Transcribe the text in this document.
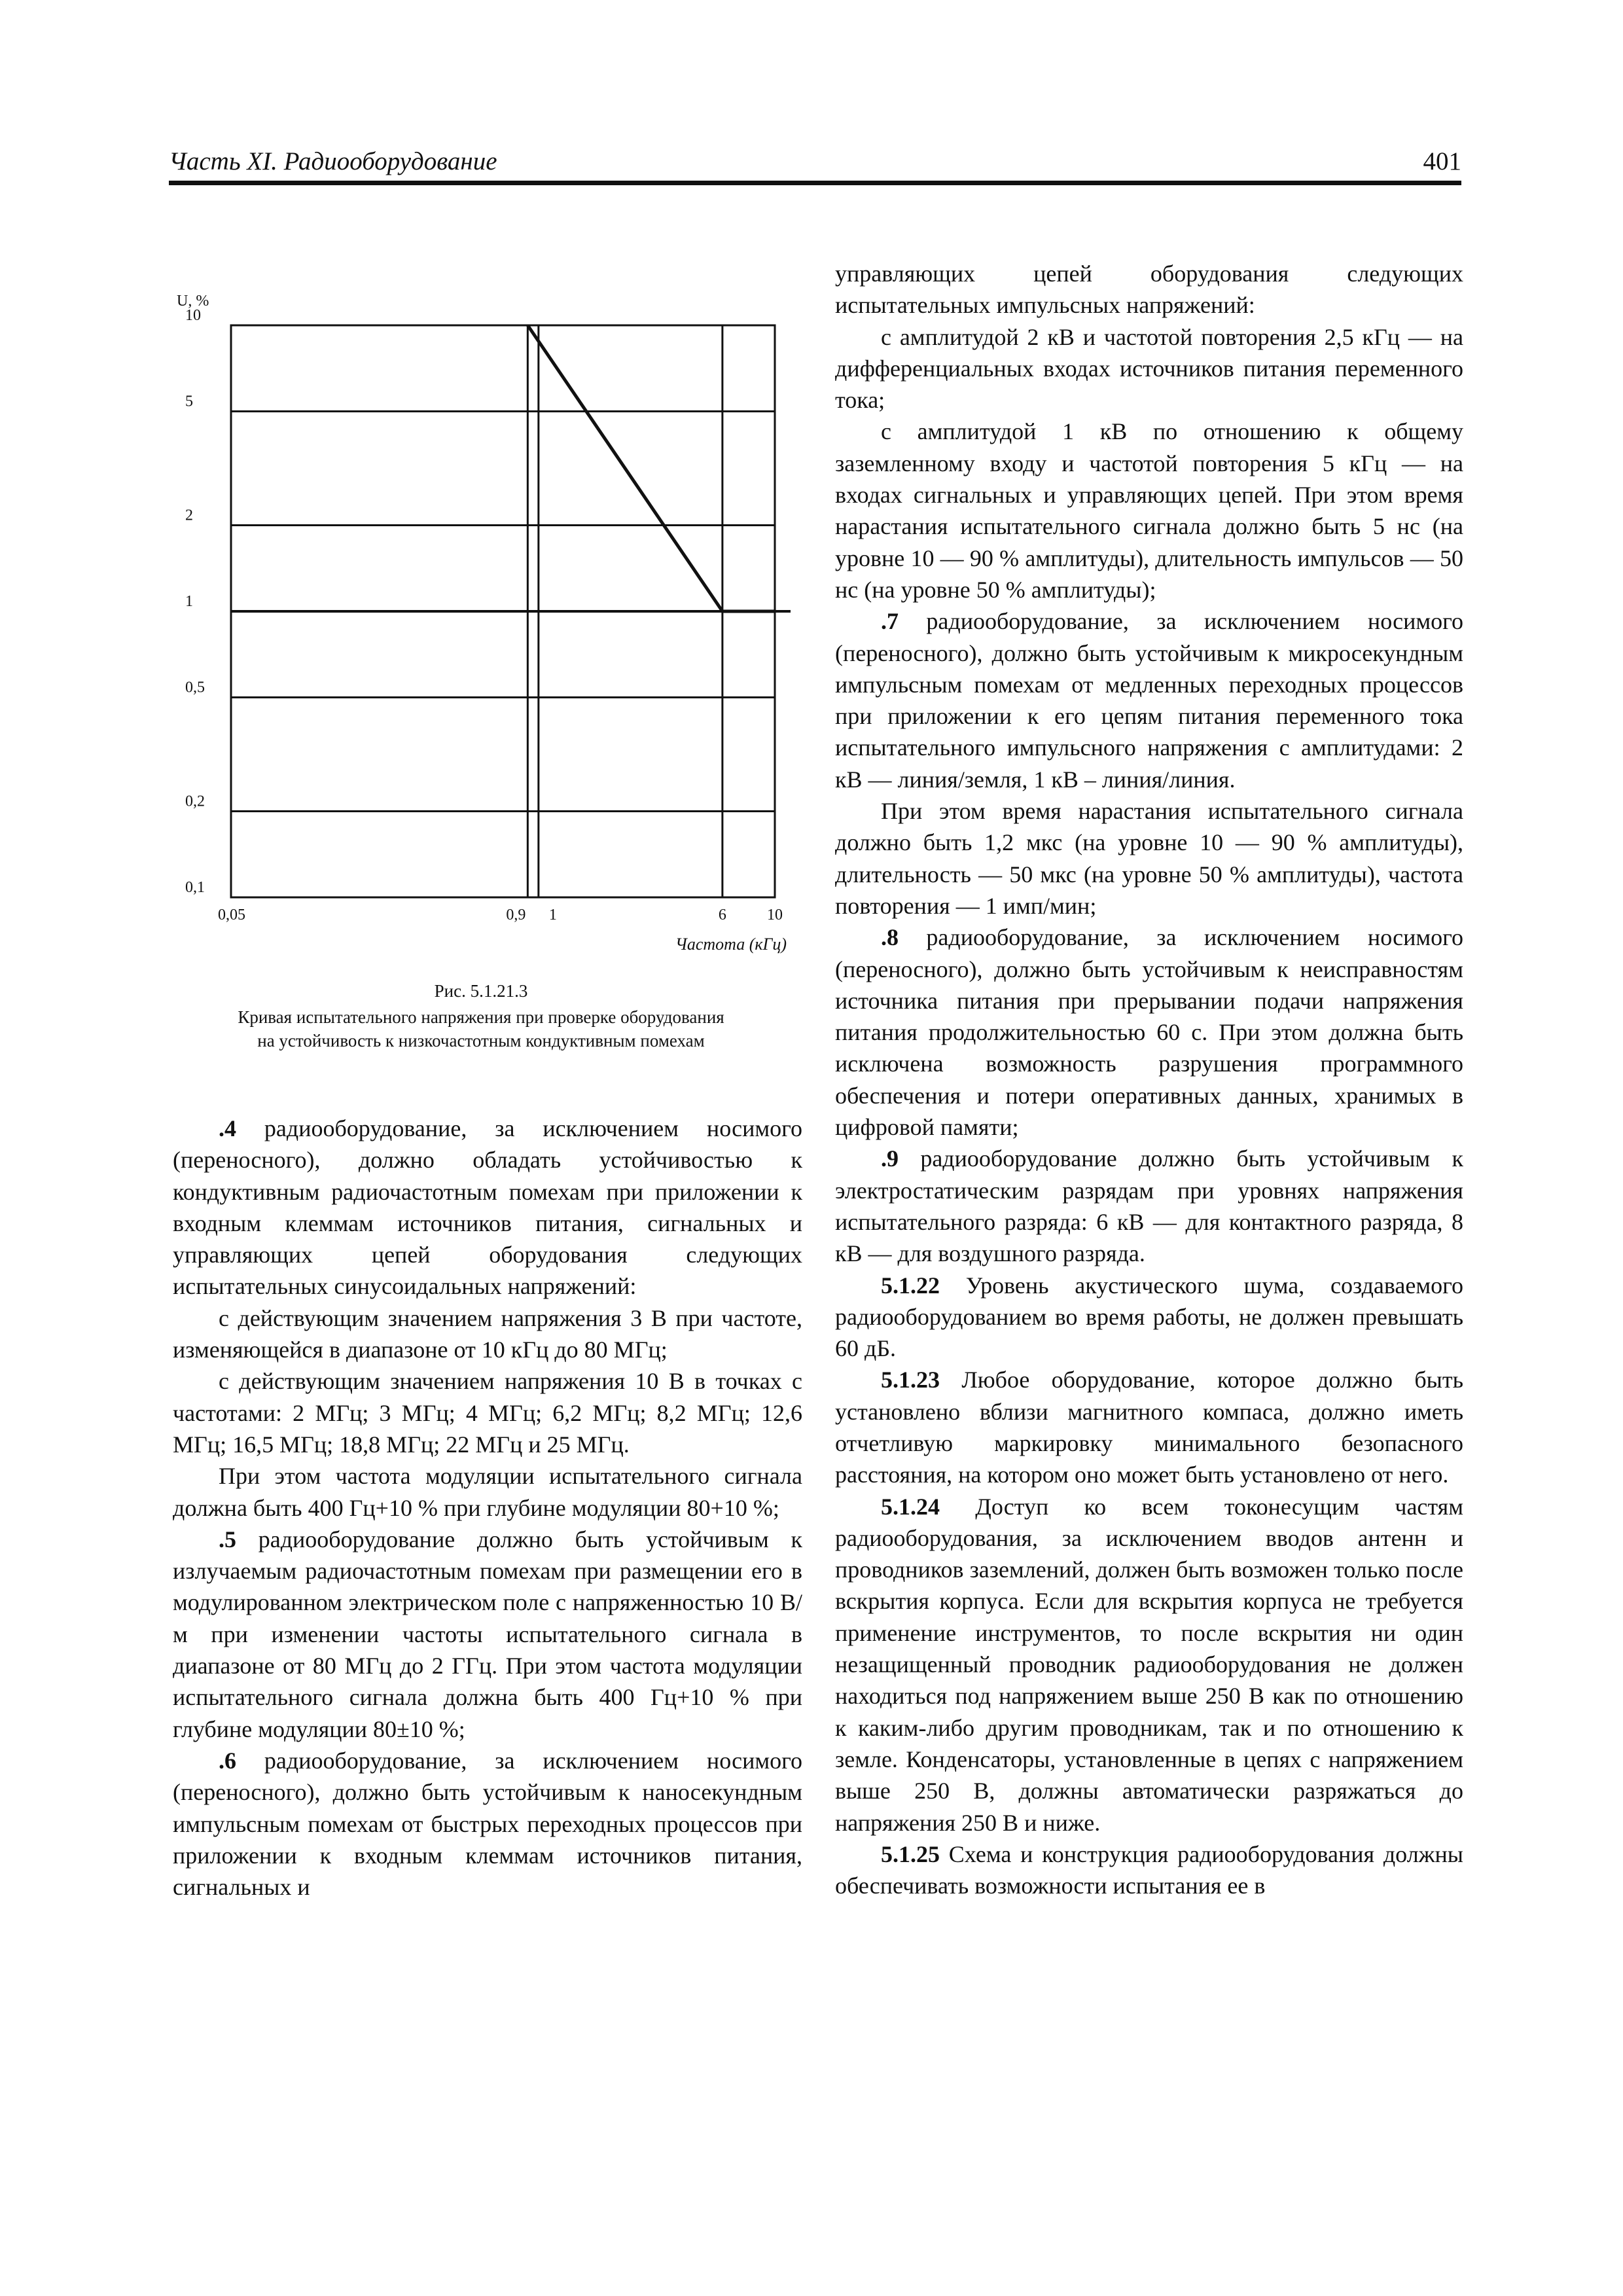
Часть XI. Радиооборудование	401
10
5
2
1
0,5
0,2
0,1
0,05	0,9 1	6	10
U, %
Частота (кГц)
Рис. 5.1.21.3
Кривая испытательного напряжения при проверке оборудования
на устойчивость к низкочастотным кондуктивным помехам

.4 радиооборудование, за исключением носимого (переносного), должно обладать устойчивостью к кондуктивным радиочастотным помехам при приложении к входным клеммам источников питания, сигнальных и управляющих цепей оборудования следующих испытательных синусоидальных напряжений:

с действующим значением напряжения 3 В при частоте, изменяющейся в диапазоне от 10 кГц до 80 МГц;

с действующим значением напряжения 10 В в точках с частотами: 2 МГц; 3 МГц; 4 МГц; 6,2 МГц; 8,2 МГц; 12,6 МГц; 16,5 МГц; 18,8 МГц; 22 МГц и 25 МГц.

При этом частота модуляции испытательного сигнала должна быть 400 Гц+10 % при глубине модуляции 80+10 %;

.5 радиооборудование должно быть устойчивым к излучаемым радиочастотным помехам при размещении его в модулированном электрическом поле с напряженностью 10 В/м при изменении частоты испытательного сигнала в диапазоне от 80 МГц до 2 ГГц. При этом частота модуляции испытательного сигнала должна быть 400 Гц+10 % при глубине модуляции 80±10 %;

.6 радиооборудование, за исключением носимого (переносного), должно быть устойчивым к наносекундным импульсным помехам от быстрых переходных процессов при приложении к входным клеммам источников питания, сигнальных и

управляющих цепей оборудования следующих испытательных импульсных напряжений:

с амплитудой 2 кВ и частотой повторения 2,5 кГц — на дифференциальных входах источников питания переменного тока;

с амплитудой 1 кВ по отношению к общему заземленному входу и частотой повторения 5 кГц — на входах сигнальных и управляющих цепей. При этом время нарастания испытательного сигнала должно быть 5 нс (на уровне 10 — 90 % амплитуды), длительность импульсов — 50 нс (на уровне 50 % амплитуды);

.7 радиооборудование, за исключением носимого (переносного), должно быть устойчивым к микросекундным импульсным помехам от медленных переходных процессов при приложении к его цепям питания переменного тока испытательного импульсного напряжения с амплитудами: 2 кВ — линия/земля, 1 кВ – линия/линия.

При этом время нарастания испытательного сигнала должно быть 1,2 мкс (на уровне 10 — 90 % амплитуды), длительность — 50 мкс (на уровне 50 % амплитуды), частота повторения — 1 имп/мин;

.8 радиооборудование, за исключением носимого (переносного), должно быть устойчивым к неисправностям источника питания при прерывании подачи напряжения питания продолжительностью 60 с. При этом должна быть исключена возможность разрушения программного обеспечения и потери оперативных данных, хранимых в цифровой памяти;

.9 радиооборудование должно быть устойчивым к электростатическим разрядам при уровнях напряжения испытательного разряда: 6 кВ — для контактного разряда, 8 кВ — для воздушного разряда.

5.1.22 Уровень акустического шума, создаваемого радиооборудованием во время работы, не должен превышать 60 дБ.

5.1.23 Любое оборудование, которое должно быть установлено вблизи магнитного компаса, должно иметь отчетливую маркировку минимального безопасного расстояния, на котором оно может быть установлено от него.

5.1.24 Доступ ко всем токонесущим частям радиооборудования, за исключением вводов антенн и проводников заземлений, должен быть возможен только после вскрытия корпуса. Если для вскрытия корпуса не требуется применение инструментов, то после вскрытия ни один незащищенный проводник радиооборудования не должен находиться под напряжением выше 250 В как по отношению к каким-либо другим проводникам, так и по отношению к земле. Конденсаторы, установленные в цепях с напряжением выше 250 В, должны автоматически разряжаться до напряжения 250 В и ниже.

5.1.25 Схема и конструкция радиооборудования должны обеспечивать возможности испытания ее в
